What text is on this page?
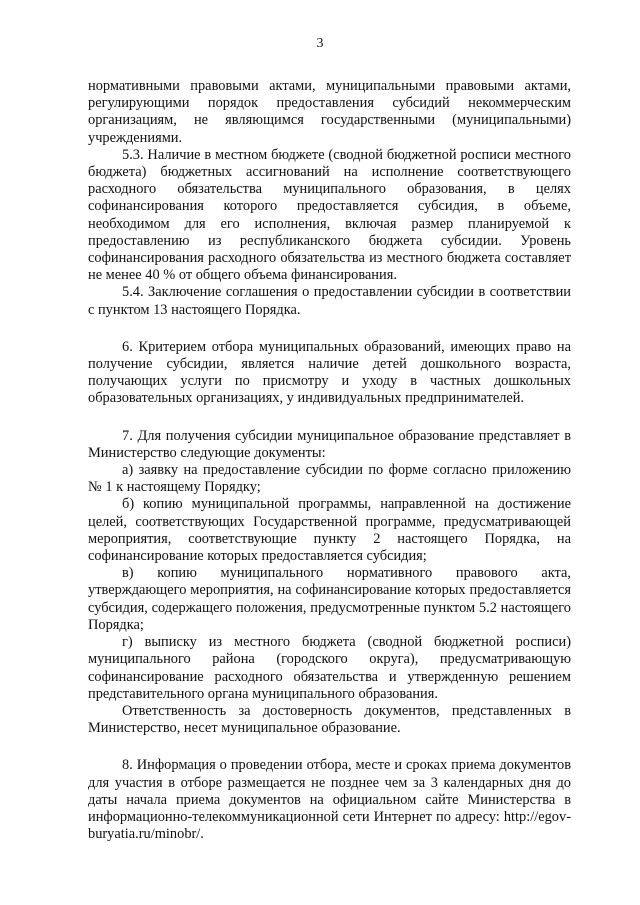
3

нормативными правовыми актами, муниципальными правовыми актами, регулирующими порядок предоставления субсидий некоммерческим организациям, не являющимся государственными (муниципальными) учреждениями.

5.3. Наличие в местном бюджете (сводной бюджетной росписи местного бюджета) бюджетных ассигнований на исполнение соответствующего расходного обязательства муниципального образования, в целях софинансирования которого предоставляется субсидия, в объеме, необходимом для его исполнения, включая размер планируемой к предоставлению из республиканского бюджета субсидии. Уровень софинансирования расходного обязательства из местного бюджета составляет не менее 40 % от общего объема финансирования.

5.4. Заключение соглашения о предоставлении субсидии в соответствии с пунктом 13 настоящего Порядка.

6. Критерием отбора муниципальных образований, имеющих право на получение субсидии, является наличие детей дошкольного возраста, получающих услуги по присмотру и уходу в частных дошкольных образовательных организациях, у индивидуальных предпринимателей.

7. Для получения субсидии муниципальное образование представляет в Министерство следующие документы:

а) заявку на предоставление субсидии по форме согласно приложению № 1 к настоящему Порядку;

б) копию муниципальной программы, направленной на достижение целей, соответствующих Государственной программе, предусматривающей мероприятия, соответствующие пункту 2 настоящего Порядка, на софинансирование которых предоставляется субсидия;

в) копию муниципального нормативного правового акта, утверждающего мероприятия, на софинансирование которых предоставляется субсидия, содержащего положения, предусмотренные пунктом 5.2 настоящего Порядка;

г) выписку из местного бюджета (сводной бюджетной росписи) муниципального района (городского округа), предусматривающую софинансирование расходного обязательства и утвержденную решением представительного органа муниципального образования.

Ответственность за достоверность документов, представленных в Министерство, несет муниципальное образование.

8. Информация о проведении отбора, месте и сроках приема документов для участия в отборе размещается не позднее чем за 3 календарных дня до даты начала приема документов на официальном сайте Министерства в информационно-телекоммуникационной сети Интернет по адресу: http://egov-buryatia.ru/minobr/.
